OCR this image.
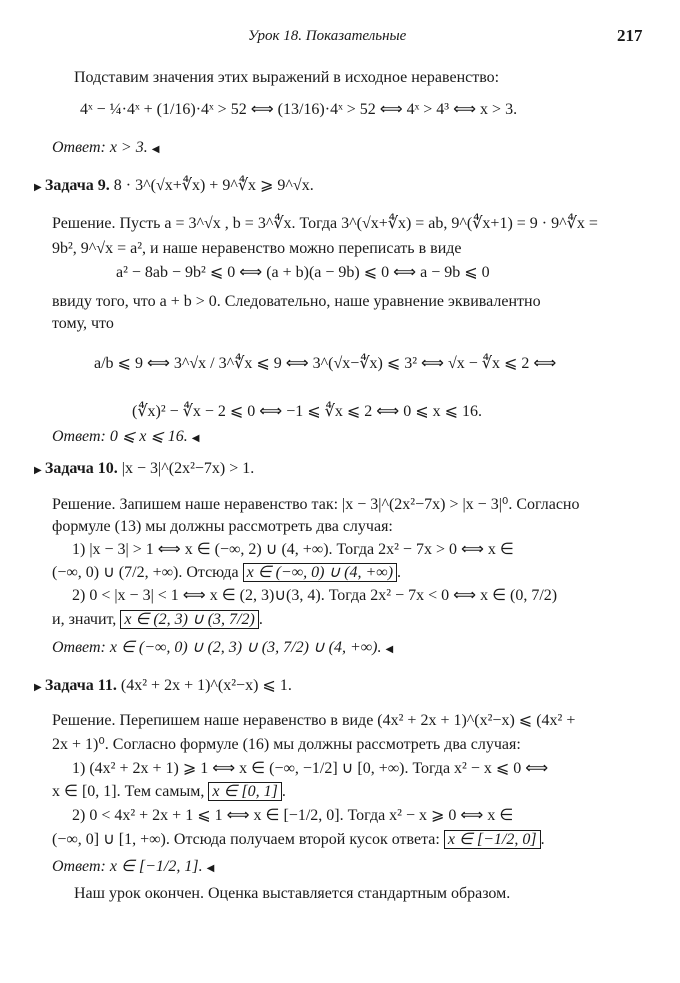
Урок 18. Показательные	217
Подставим значения этих выражений в исходное неравенство:
4ˣ − ¼·4ˣ + (1/16)·4ˣ > 52 ⟺ (13/16)·4ˣ > 52 ⟺ 4ˣ > 4³ ⟺ x > 3.
Ответ: x > 3. ◀
▶ Задача 9. 8 · 3^(√x+∜x) + 9^∜x ⩾ 9^√x.
Решение. Пусть a = 3^√x , b = 3^∜x. Тогда 3^(√x+∜x) = ab, 9^(∜x+1) = 9 · 9^∜x =
9b², 9^√x = a², и наше неравенство можно переписать в виде
a² − 8ab − 9b² ⩽ 0 ⟺ (a + b)(a − 9b) ⩽ 0 ⟺ a − 9b ⩽ 0
ввиду того, что a + b > 0. Следовательно, наше уравнение эквивалентно
тому, что
a/b ⩽ 9 ⟺ 3^√x / 3^∜x ⩽ 9 ⟺ 3^(√x−∜x) ⩽ 3² ⟺ √x − ∜x ⩽ 2 ⟺
(∜x)² − ∜x − 2 ⩽ 0 ⟺ −1 ⩽ ∜x ⩽ 2 ⟺ 0 ⩽ x ⩽ 16.
Ответ: 0 ⩽ x ⩽ 16. ◀
▶ Задача 10. |x − 3|^(2x²−7x) > 1.
Решение. Запишем наше неравенство так: |x − 3|^(2x²−7x) > |x − 3|⁰. Согласно
формуле (13) мы должны рассмотреть два случая:
1) |x − 3| > 1 ⟺ x ∈ (−∞, 2) ∪ (4, +∞). Тогда 2x² − 7x > 0 ⟺ x ∈
(−∞, 0) ∪ (7/2, +∞). Отсюда x ∈ (−∞, 0) ∪ (4, +∞) .
2) 0 < |x − 3| < 1 ⟺ x ∈ (2, 3)∪(3, 4). Тогда 2x² − 7x < 0 ⟺ x ∈ (0, 7/2)
и, значит, x ∈ (2, 3) ∪ (3, 7/2) .
Ответ: x ∈ (−∞, 0) ∪ (2, 3) ∪ (3, 7/2) ∪ (4, +∞). ◀
▶ Задача 11. (4x² + 2x + 1)^(x²−x) ⩽ 1.
Решение. Перепишем наше неравенство в виде (4x² + 2x + 1)^(x²−x) ⩽ (4x² +
2x + 1)⁰. Согласно формуле (16) мы должны рассмотреть два случая:
1) (4x² + 2x + 1) ⩾ 1 ⟺ x ∈ (−∞, −1/2] ∪ [0, +∞). Тогда x² − x ⩽ 0 ⟺
x ∈ [0, 1]. Тем самым, x ∈ [0, 1] .
2) 0 < 4x² + 2x + 1 ⩽ 1 ⟺ x ∈ [−1/2, 0]. Тогда x² − x ⩾ 0 ⟺ x ∈
(−∞, 0] ∪ [1, +∞). Отсюда получаем второй кусок ответа: x ∈ [−1/2, 0] .
Ответ: x ∈ [−1/2, 1]. ◀
Наш урок окончен. Оценка выставляется стандартным образом.
